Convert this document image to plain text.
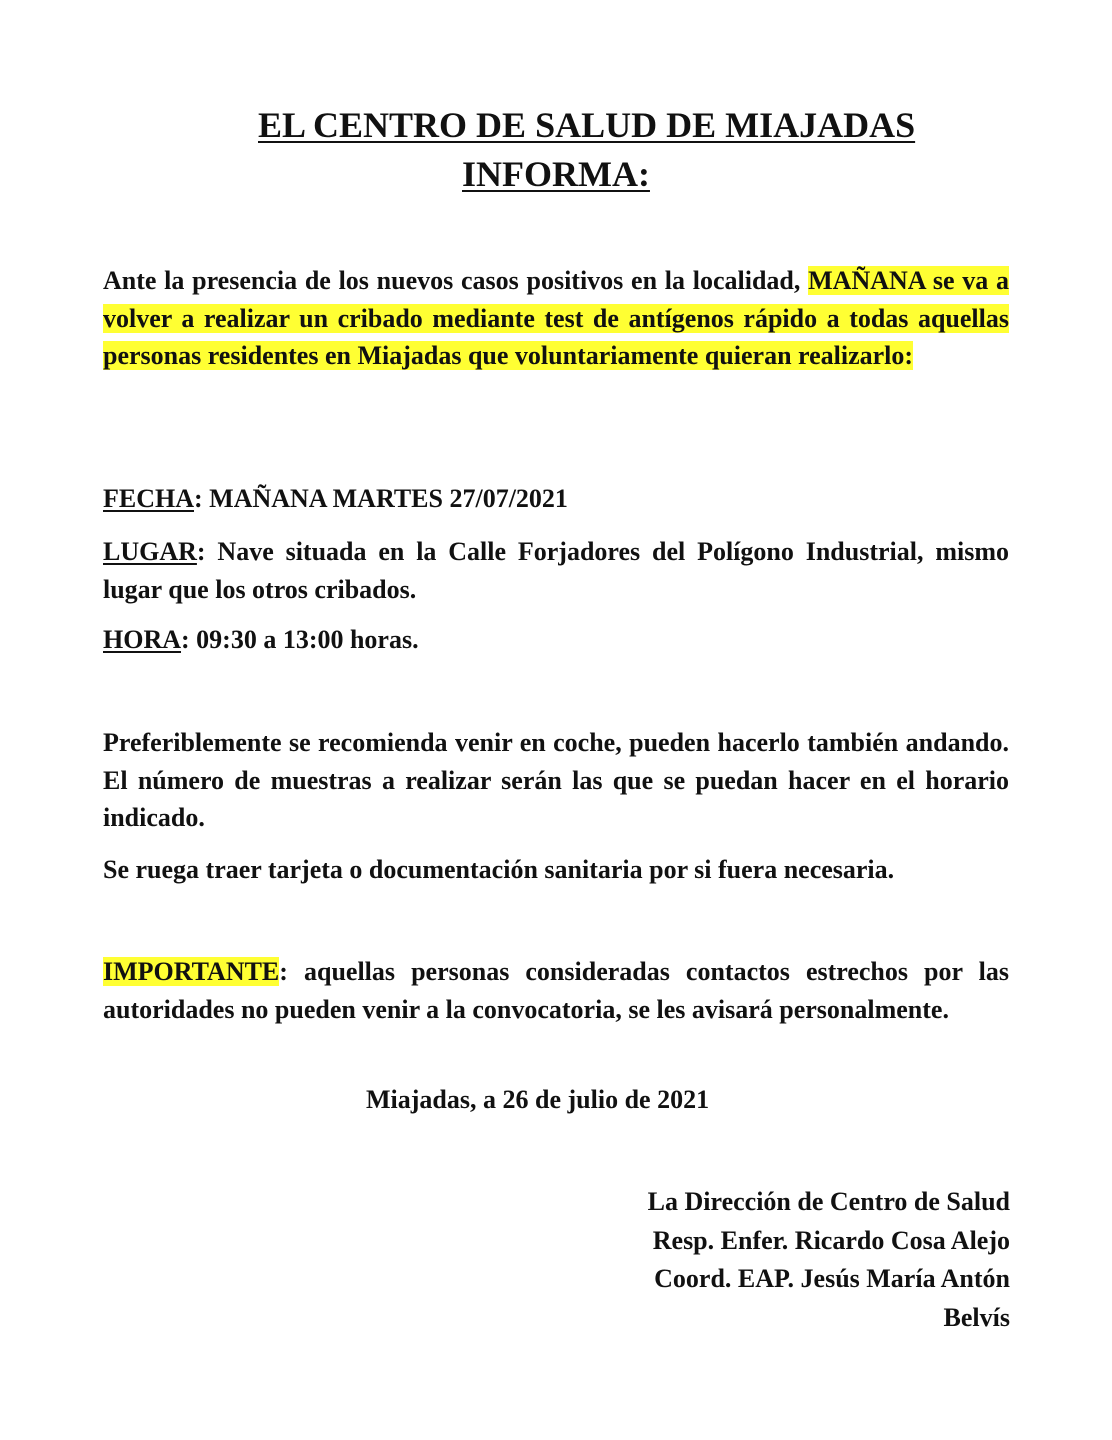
EL CENTRO DE SALUD DE MIAJADAS
INFORMA:

Ante la presencia de los nuevos casos positivos en la localidad, MAÑANA se va a volver a realizar un cribado mediante test de antígenos rápido a todas aquellas personas residentes en Miajadas que voluntariamente quieran realizarlo:

FECHA: MAÑANA MARTES 27/07/2021

LUGAR: Nave situada en la Calle Forjadores del Polígono Industrial, mismo lugar que los otros cribados.

HORA: 09:30 a 13:00 horas.

Preferiblemente se recomienda venir en coche, pueden hacerlo también andando. El número de muestras a realizar serán las que se puedan hacer en el horario indicado.

Se ruega traer tarjeta o documentación sanitaria por si fuera necesaria.

IMPORTANTE: aquellas personas consideradas contactos estrechos por las autoridades no pueden venir a la convocatoria, se les avisará personalmente.

Miajadas, a 26 de julio de 2021
La Dirección de Centro de Salud
Resp. Enfer. Ricardo Cosa Alejo
Coord. EAP. Jesús María Antón
Belvís
